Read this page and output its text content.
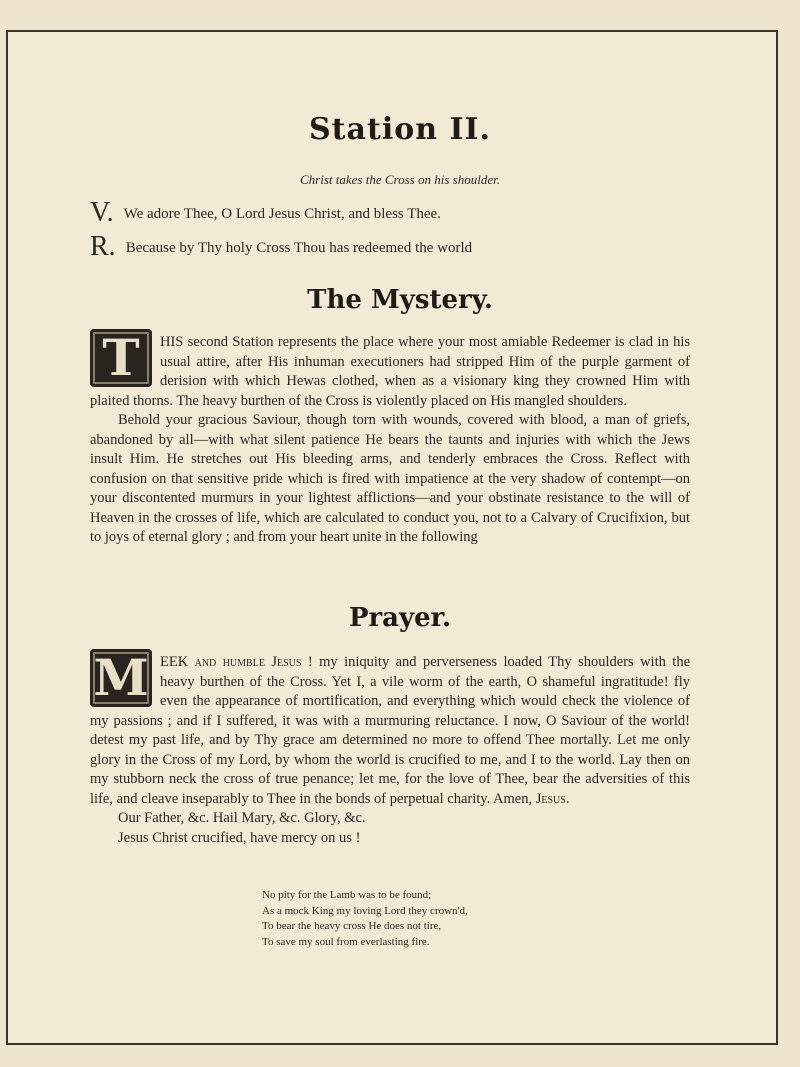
Station II.
Christ takes the Cross on his shoulder.
V. We adore Thee, O Lord Jesus Christ, and bless Thee.
R. Because by Thy holy Cross Thou has redeemed the world
The Mystery.

T	HIS second Station represents the place where your most amiable Redeemer is clad in his usual attire, after His inhuman executioners had stripped Him of the purple garment of derision with which Hewas clothed, when as a visionary king they crowned Him with plaited thorns. The heavy burthen of the Cross is violently placed on His mangled shoulders.

Behold your gracious Saviour, though torn with wounds, covered with blood, a man of griefs, abandoned by all—with what silent patience He bears the taunts and injuries with which the Jews insult Him. He stretches out His bleeding arms, and tenderly embraces the Cross. Reflect with confusion on that sensitive pride which is fired with impatience at the very shadow of contempt—on your discontented murmurs in your lightest afflictions—and your obstinate resistance to the will of Heaven in the crosses of life, which are calculated to conduct you, not to a Calvary of Crucifixion, but to joys of eternal glory ; and from your heart unite in the following

Prayer.

M EEK and humble Jesus ! my iniquity and perverseness loaded Thy shoulders with the heavy burthen of the Cross. Yet I, a vile worm of the earth, O shameful ingratitude! fly even the appearance of mortification, and everything which would check the violence of my passions ; and if I suffered, it was with a murmuring reluctance. I now, O Saviour of the world! detest my past life, and by Thy grace am determined no more to offend Thee mortally. Let me only glory in the Cross of my Lord, by whom the world is crucified to me, and I to the world. Lay then on my stubborn neck the cross of true penance; let me, for the love of Thee, bear the adversities of this life, and cleave inseparably to Thee in the bonds of perpetual charity. Amen, Jesus.

Our Father, &c. Hail Mary, &c. Glory, &c.

Jesus Christ crucified, have mercy on us !

No pity for the Lamb was to be found;
As a mock King my loving Lord they crown'd,
To bear the heavy cross He does not tire,
To save my soul from everlasting fire.
